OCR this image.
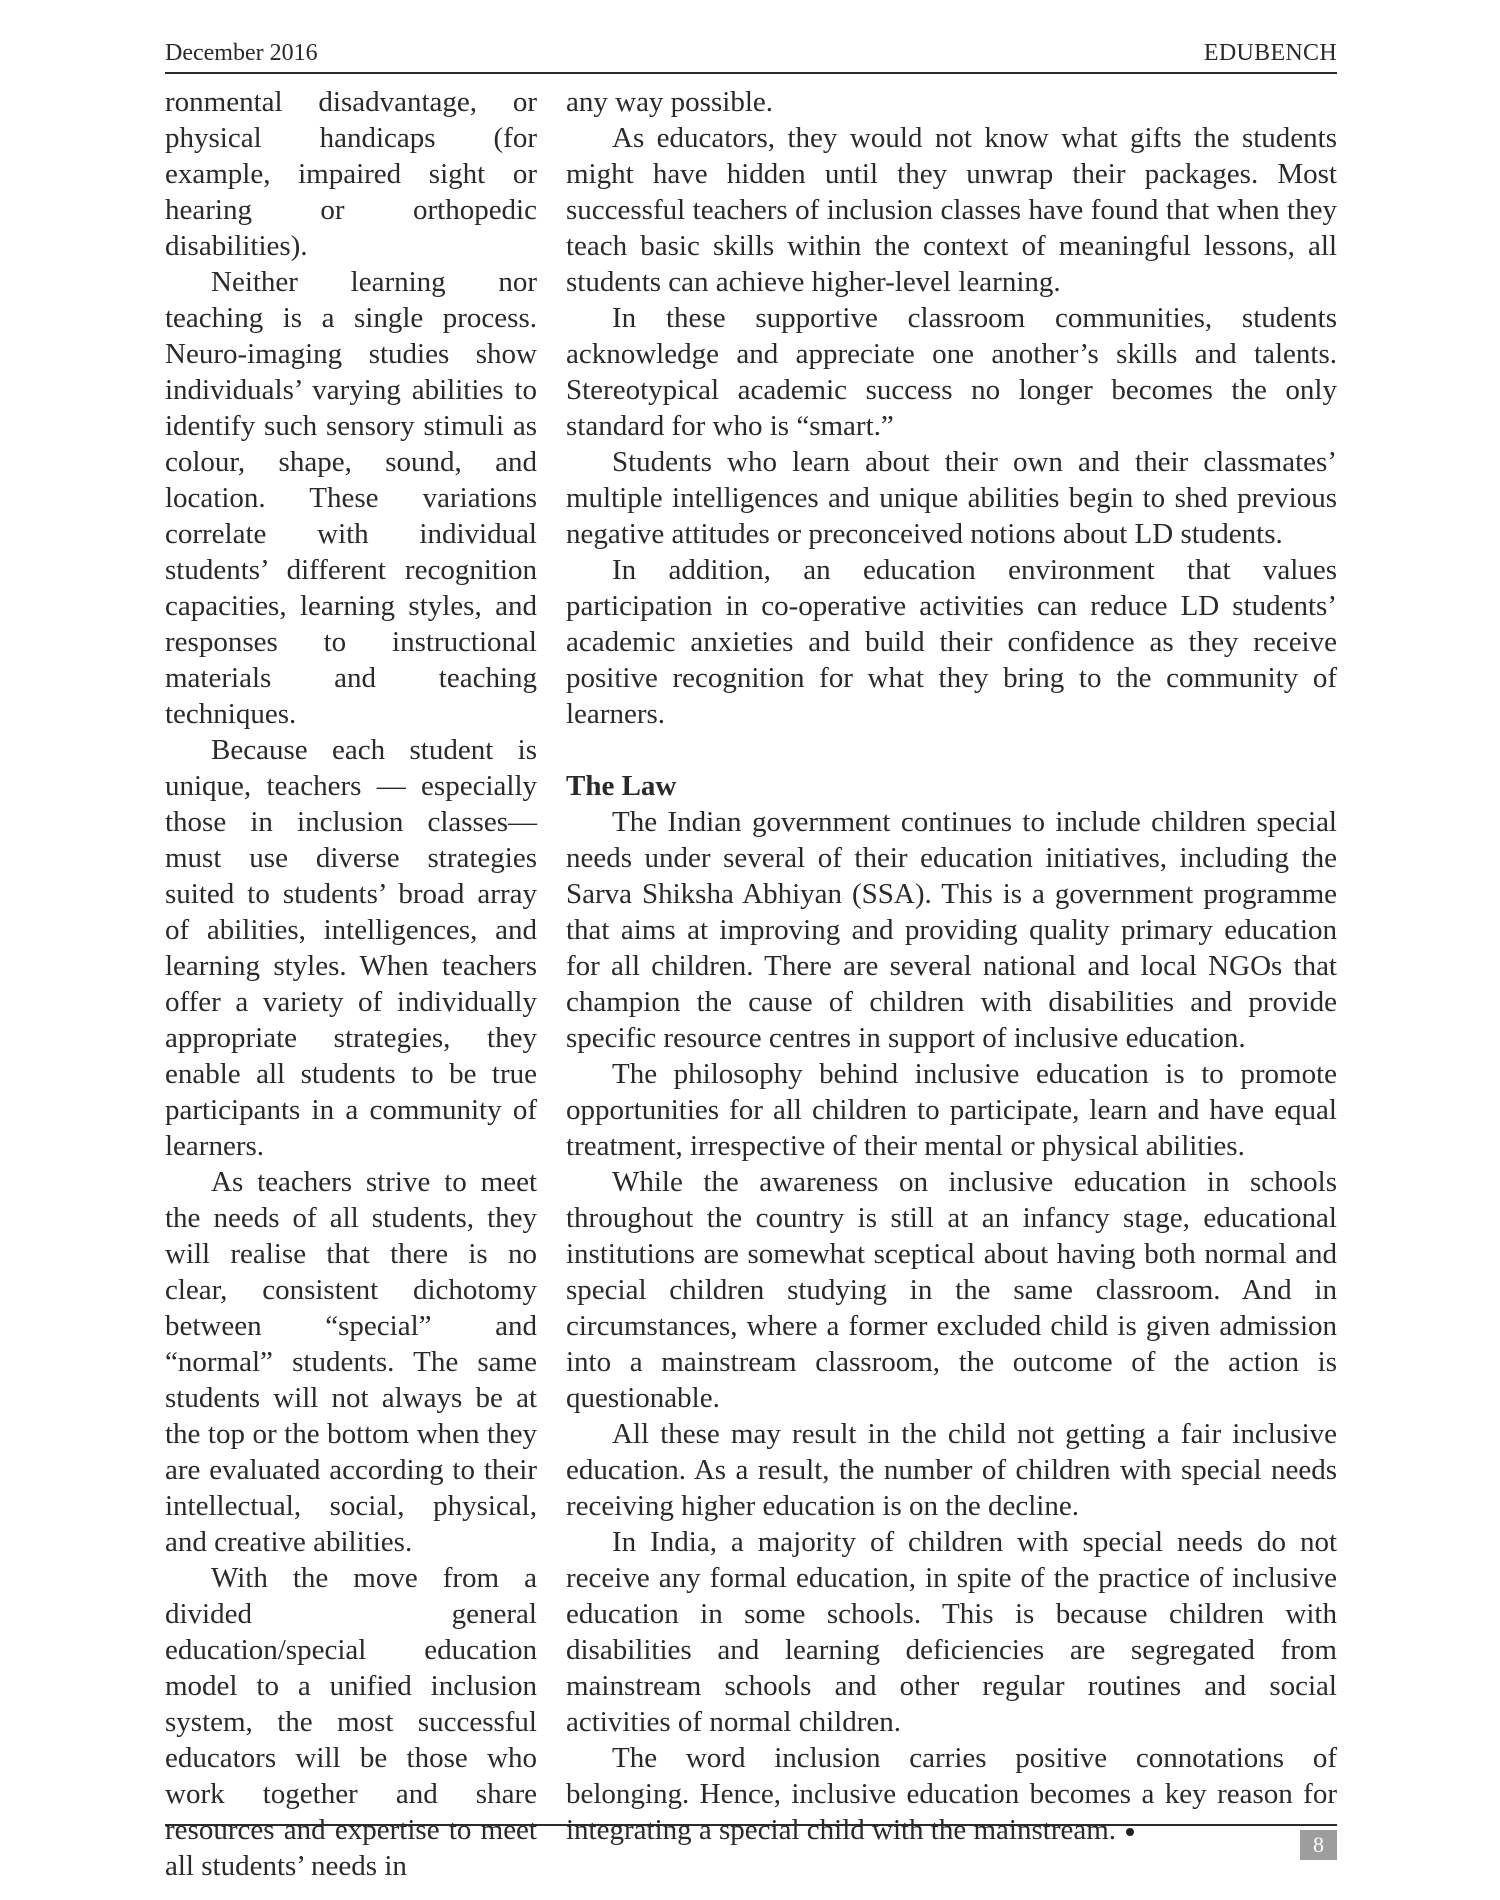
December 2016	EDUBENCH

ronmental disadvantage, or physical handicaps (for example, impaired sight or hearing or orthopedic disabilities).

Neither learning nor teaching is a single process. Neuro-imaging studies show individuals’ varying abilities to identify such sensory stimuli as colour, shape, sound, and location. These variations correlate with individual students’ different recognition capacities, learning styles, and responses to instructional materials and teaching techniques.

Because each student is unique, teachers — especially those in inclusion classes— must use diverse strategies suited to students’ broad array of abilities, intelligences, and learning styles. When teachers offer a variety of individually appropriate strategies, they enable all students to be true participants in a community of learners.

As teachers strive to meet the needs of all students, they will realise that there is no clear, consistent dichotomy between “special” and “normal” students. The same students will not always be at the top or the bottom when they are evaluated according to their intellectual, social, physical, and creative abilities.

With the move from a divided general education/special education model to a unified inclusion system, the most successful educators will be those who work together and share resources and expertise to meet all students’ needs in

any way possible.

As educators, they would not know what gifts the students might have hidden until they unwrap their packages. Most successful teachers of inclusion classes have found that when they teach basic skills within the context of meaningful lessons, all students can achieve higher-level learning.

In these supportive classroom communities, students acknowledge and appreciate one another’s skills and talents. Stereotypical academic success no longer becomes the only standard for who is “smart.”

Students who learn about their own and their classmates’ multiple intelligences and unique abilities begin to shed previous negative attitudes or preconceived notions about LD students.

In addition, an education environment that values participation in co-operative activities can reduce LD students’ academic anxieties and build their confidence as they receive positive recognition for what they bring to the community of learners.

The Law

The Indian government continues to include children special needs under several of their education initiatives, including the Sarva Shiksha Abhiyan (SSA). This is a government programme that aims at improving and providing quality primary education for all children. There are several national and local NGOs that champion the cause of children with disabilities and provide specific resource centres in support of inclusive education.

The philosophy behind inclusive education is to promote opportunities for all children to participate, learn and have equal treatment, irrespective of their mental or physical abilities.

While the awareness on inclusive education in schools throughout the country is still at an infancy stage, educational institutions are somewhat sceptical about having both normal and special children studying in the same classroom. And in circumstances, where a former excluded child is given admission into a mainstream classroom, the outcome of the action is questionable.

All these may result in the child not getting a fair inclusive education. As a result, the number of children with special needs receiving higher education is on the decline.

In India, a majority of children with special needs do not receive any formal education, in spite of the practice of inclusive education in some schools. This is because children with disabilities and learning deficiencies are segregated from mainstream schools and other regular routines and social activities of normal children.

The word inclusion carries positive connotations of belonging. Hence, inclusive education becomes a key reason for integrating a special child with the mainstream.	8
